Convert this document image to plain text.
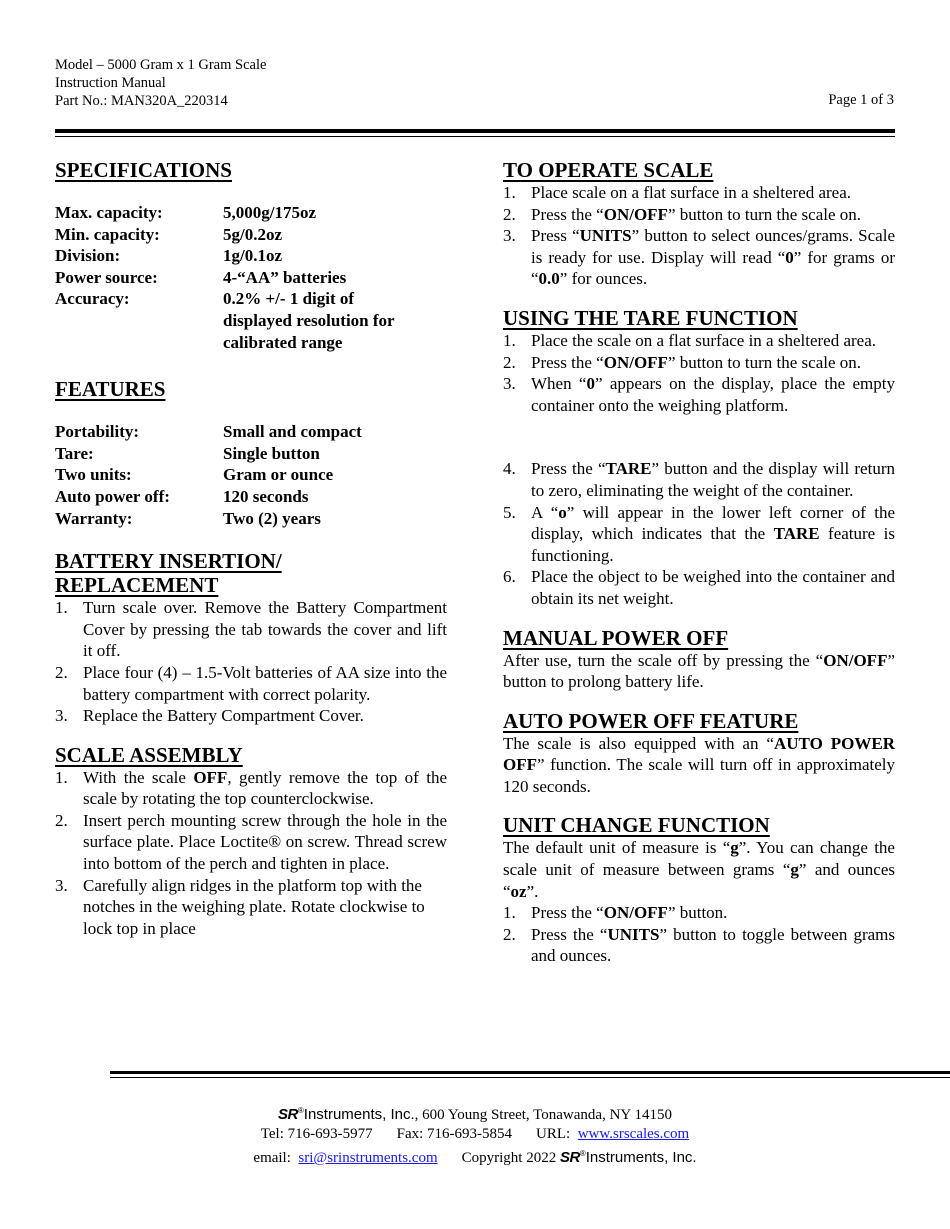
Model – 5000 Gram x 1 Gram Scale
Instruction Manual
Part No.: MAN320A_220314	Page 1 of 3
SPECIFICATIONS
Max. capacity:	5,000g/175oz
Min. capacity:	5g/0.2oz
Division:	1g/0.1oz
Power source:	4-“AA” batteries
Accuracy:	0.2% +/- 1 digit of displayed resolution for calibrated range
FEATURES
Portability:	Small and compact
Tare:	Single button
Two units:	Gram or ounce
Auto power off:	120 seconds
Warranty:	Two (2) years
BATTERY INSERTION/
REPLACEMENT
1. Turn scale over. Remove the Battery Compartment Cover by pressing the tab towards the cover and lift it off.
2. Place four (4) – 1.5-Volt batteries of AA size into the battery compartment with correct polarity.
3. Replace the Battery Compartment Cover.
SCALE ASSEMBLY
1. With the scale OFF, gently remove the top of the scale by rotating the top counterclockwise.
2. Insert perch mounting screw through the hole in the surface plate. Place Loctite® on screw. Thread screw into bottom of the perch and tighten in place.
3. Carefully align ridges in the platform top with the notches in the weighing plate. Rotate clockwise to lock top in place
TO OPERATE SCALE
1. Place scale on a flat surface in a sheltered area.
2. Press the “ON/OFF” button to turn the scale on.
3. Press “UNITS” button to select ounces/grams. Scale is ready for use. Display will read “0” for grams or “0.0” for ounces.
USING THE TARE FUNCTION
1. Place the scale on a flat surface in a sheltered area.
2. Press the “ON/OFF” button to turn the scale on.
3. When “0” appears on the display, place the empty container onto the weighing platform.
4. Press the “TARE” button and the display will return to zero, eliminating the weight of the container.
5. A “o” will appear in the lower left corner of the display, which indicates that the TARE feature is functioning.
6. Place the object to be weighed into the container and obtain its net weight.
MANUAL POWER OFF

After use, turn the scale off by pressing the “ON/OFF” button to prolong battery life.

AUTO POWER OFF FEATURE

The scale is also equipped with an “AUTO POWER OFF” function. The scale will turn off in approximately 120 seconds.

UNIT CHANGE FUNCTION

The default unit of measure is “g”. You can change the scale unit of measure between grams “g” and ounces “oz”.

1. Press the “ON/OFF” button.
2. Press the “UNITS” button to toggle between grams and ounces.
SR®Instruments, Inc., 600 Young Street, Tonawanda, NY 14150
Tel: 716-693-5977 Fax: 716-693-5854 URL: www.srscales.com
email: sri@srinstruments.com Copyright 2022 SR®Instruments, Inc.
